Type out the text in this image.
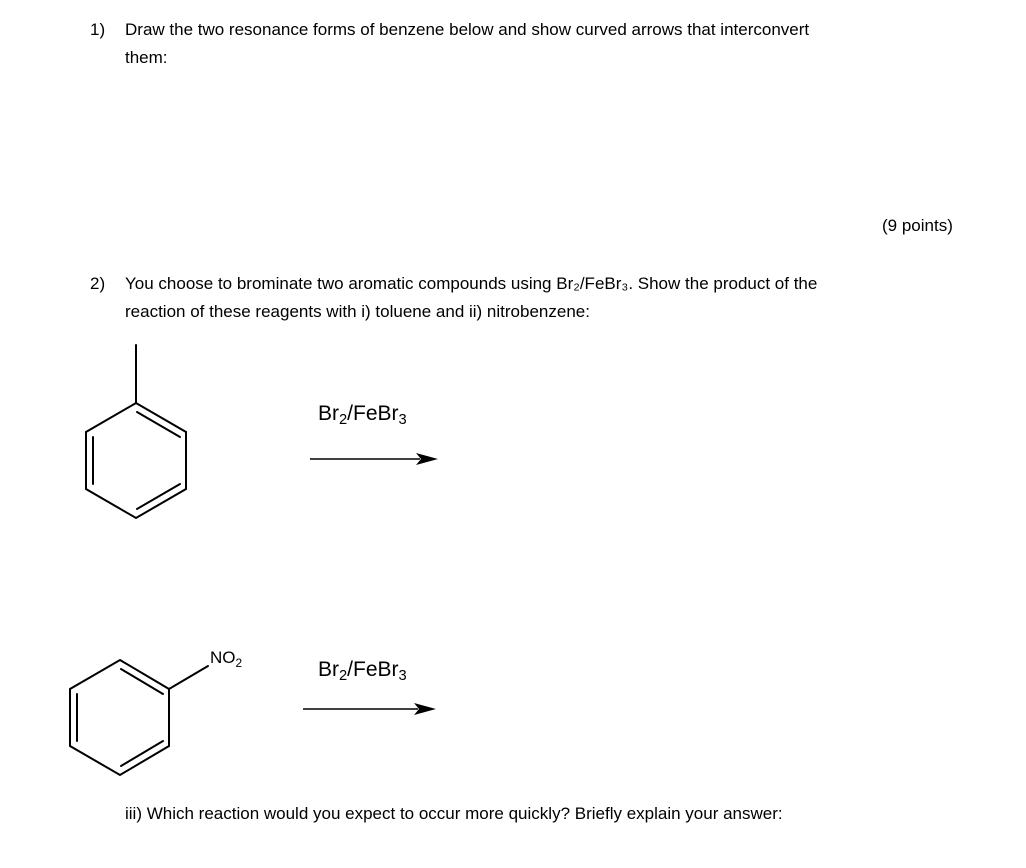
1) Draw the two resonance forms of benzene below and show curved arrows that interconvert
them:
(9 points)
2) You choose to brominate two aromatic compounds using Br₂/FeBr₃. Show the product of the
reaction of these reagents with i) toluene and ii) nitrobenzene:
$Br_2/FeBr_3$
$Br_2/FeBr_3$
$NO_2$
iii) Which reaction would you expect to occur more quickly? Briefly explain your answer:
